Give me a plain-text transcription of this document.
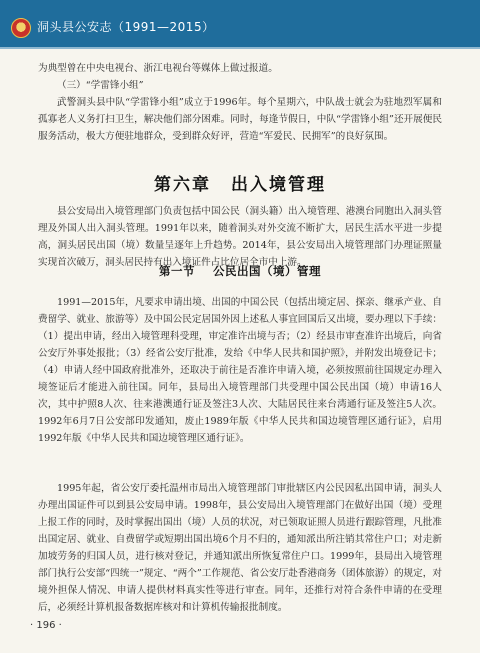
洞头县公安志（1991—2015）

为典型曾在中央电视台、浙江电视台等媒体上做过报道。

（三）“学雷锋小组”

武警洞头县中队“学雷锋小组”成立于1996年。每个星期六，中队战士就会为驻地烈军属和孤寡老人义务打扫卫生，解决他们部分困难。同时，每逢节假日，中队“学雷锋小组”还开展便民服务活动，极大方便驻地群众，受到群众好评，营造“军爱民、民拥军”的良好氛围。

第六章 出入境管理

县公安局出入境管理部门负责包括中国公民（洞头籍）出入境管理、港澳台同胞出入洞头管理及外国人出入洞头管理。1991年以来，随着洞头对外交流不断扩大，居民生活水平进一步提高，洞头居民出国（境）数量呈逐年上升趋势。2014年，县公安局出入境管理部门办理证照量实现首次破万，洞头居民持有出入境证件占比位居全市中上游。

第一节 公民出国（境）管理

1991—2015年，凡要求申请出境、出国的中国公民（包括出境定居、探亲、继承产业、自费留学、就业、旅游等）及中国公民定居国外因上述私人事宜回国后又出境，要办理以下手续：（1）提出申请，经出入境管理科受理，审定准许出境与否；（2）经县市审查准许出境后，向省公安厅外事处报批；（3）经省公安厅批准，发给《中华人民共和国护照》，并附发出境登记卡；（4）申请人经中国政府批准外，还取决于前往是否准许申请入境，必须按照前往国规定办理入境签证后才能进入前往国。同年，县局出入境管理部门共受理中国公民出国（境）申请16人次，其中护照8人次、往来港澳通行证及签注3人次、大陆居民往来台湾通行证及签注5人次。1992年6月7日公安部印发通知，废止1989年版《中华人民共和国边境管理区通行证》，启用1992年版《中华人民共和国边境管理区通行证》。

1995年起，省公安厅委托温州市局出入境管理部门审批辖区内公民因私出国申请，洞头人办理出国证件可以到县公安局申请。1998年，县公安局出入境管理部门在做好出国（境）受理上报工作的同时，及时掌握出国出（境）人员的状况，对已领取证照人员进行跟踪管理，凡批准出国定居、就业、自费留学或短期出国出境6个月不归的，通知派出所注销其常住户口；对走新加坡劳务的归国人员，进行核对登记，并通知派出所恢复常住户口。1999年，县局出入境管理部门执行公安部“四统一”规定、“两个”工作规范、省公安厅赴香港商务（团体旅游）的规定，对境外担保人情况、申请人提供材料真实性等进行审查。同年，还推行对符合条件申请的在受理后，必须经计算机报备数据库核对和计算机传输报批制度。

· 196 ·
